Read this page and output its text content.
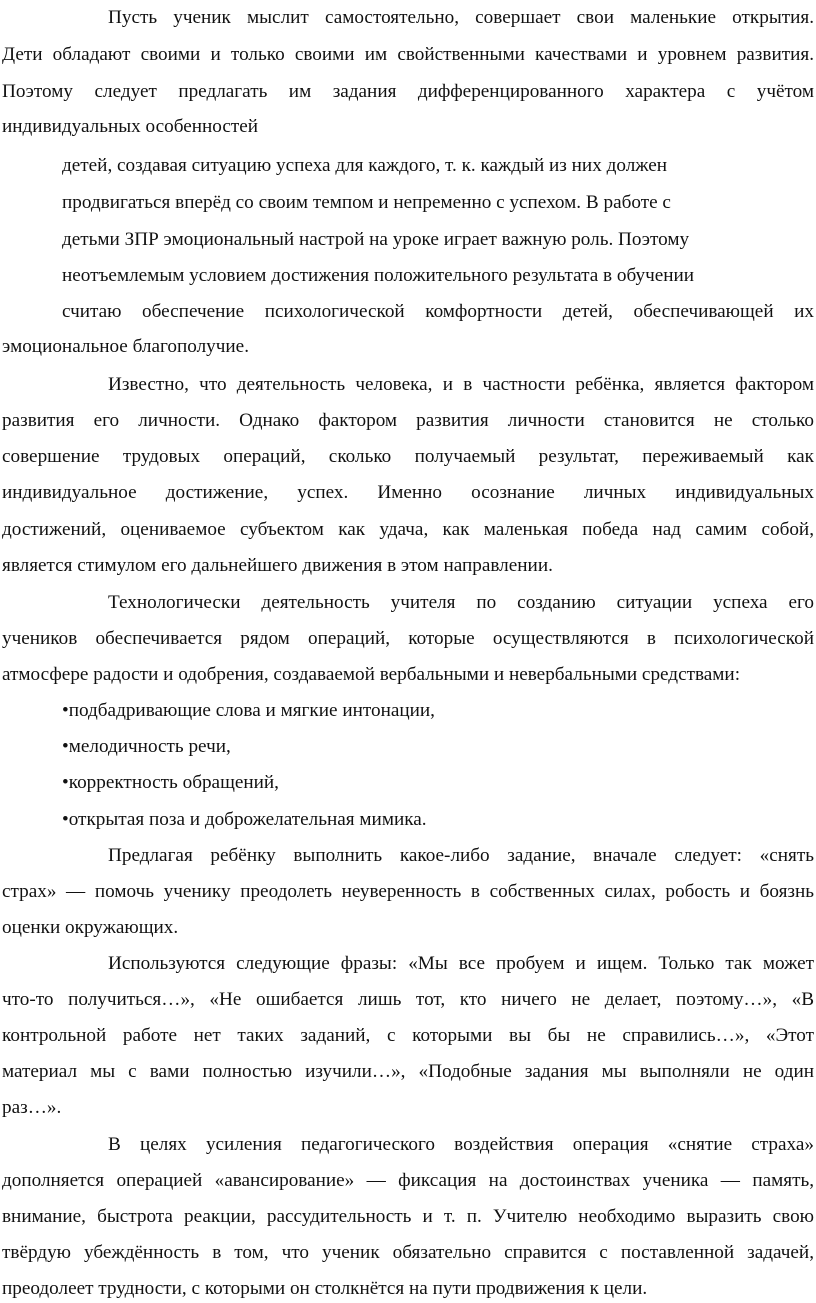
Пусть ученик мыслит самостоятельно, совершает свои маленькие открытия.
Дети обладают своими и только своими им свойственными качествами и уровнем развития.
Поэтому следует предлагать им задания дифференцированного характера с учётом
индивидуальных особенностей
детей, создавая ситуацию успеха для каждого, т. к. каждый из них должен
продвигаться вперёд со своим темпом и непременно с успехом. В работе с
детьми ЗПР эмоциональный настрой на уроке играет важную роль. Поэтому
неотъемлемым условием достижения положительного результата в обучении
считаю обеспечение психологической комфортности детей, обеспечивающей их
эмоциональное благополучие.
Известно, что деятельность человека, и в частности ребёнка, является фактором
развития его личности. Однако фактором развития личности становится не столько
совершение трудовых операций, сколько получаемый результат, переживаемый как
индивидуальное достижение, успех. Именно осознание личных индивидуальных
достижений, оцениваемое субъектом как удача, как маленькая победа над самим собой,
является стимулом его дальнейшего движения в этом направлении.
Технологически деятельность учителя по созданию ситуации успеха его
учеников обеспечивается рядом операций, которые осуществляются в психологической
атмосфере радости и одобрения, создаваемой вербальными и невербальными средствами:
•подбадривающие слова и мягкие интонации,
•мелодичность речи,
•корректность обращений,
•открытая поза и доброжелательная мимика.
Предлагая ребёнку выполнить какое-либо задание, вначале следует: «снять
страх» — помочь ученику преодолеть неуверенность в собственных силах, робость и боязнь
оценки окружающих.
Используются следующие фразы: «Мы все пробуем и ищем. Только так может
что-то получиться…», «Не ошибается лишь тот, кто ничего не делает, поэтому…», «В
контрольной работе нет таких заданий, с которыми вы бы не справились…», «Этот
материал мы с вами полностью изучили…», «Подобные задания мы выполняли не один
раз…».
В целях усиления педагогического воздействия операция «снятие страха»
дополняется операцией «авансирование» — фиксация на достоинствах ученика — память,
внимание, быстрота реакции, рассудительность и т. п. Учителю необходимо выразить свою
твёрдую убеждённость в том, что ученик обязательно справится с поставленной задачей,
преодолеет трудности, с которыми он столкнётся на пути продвижения к цели.
